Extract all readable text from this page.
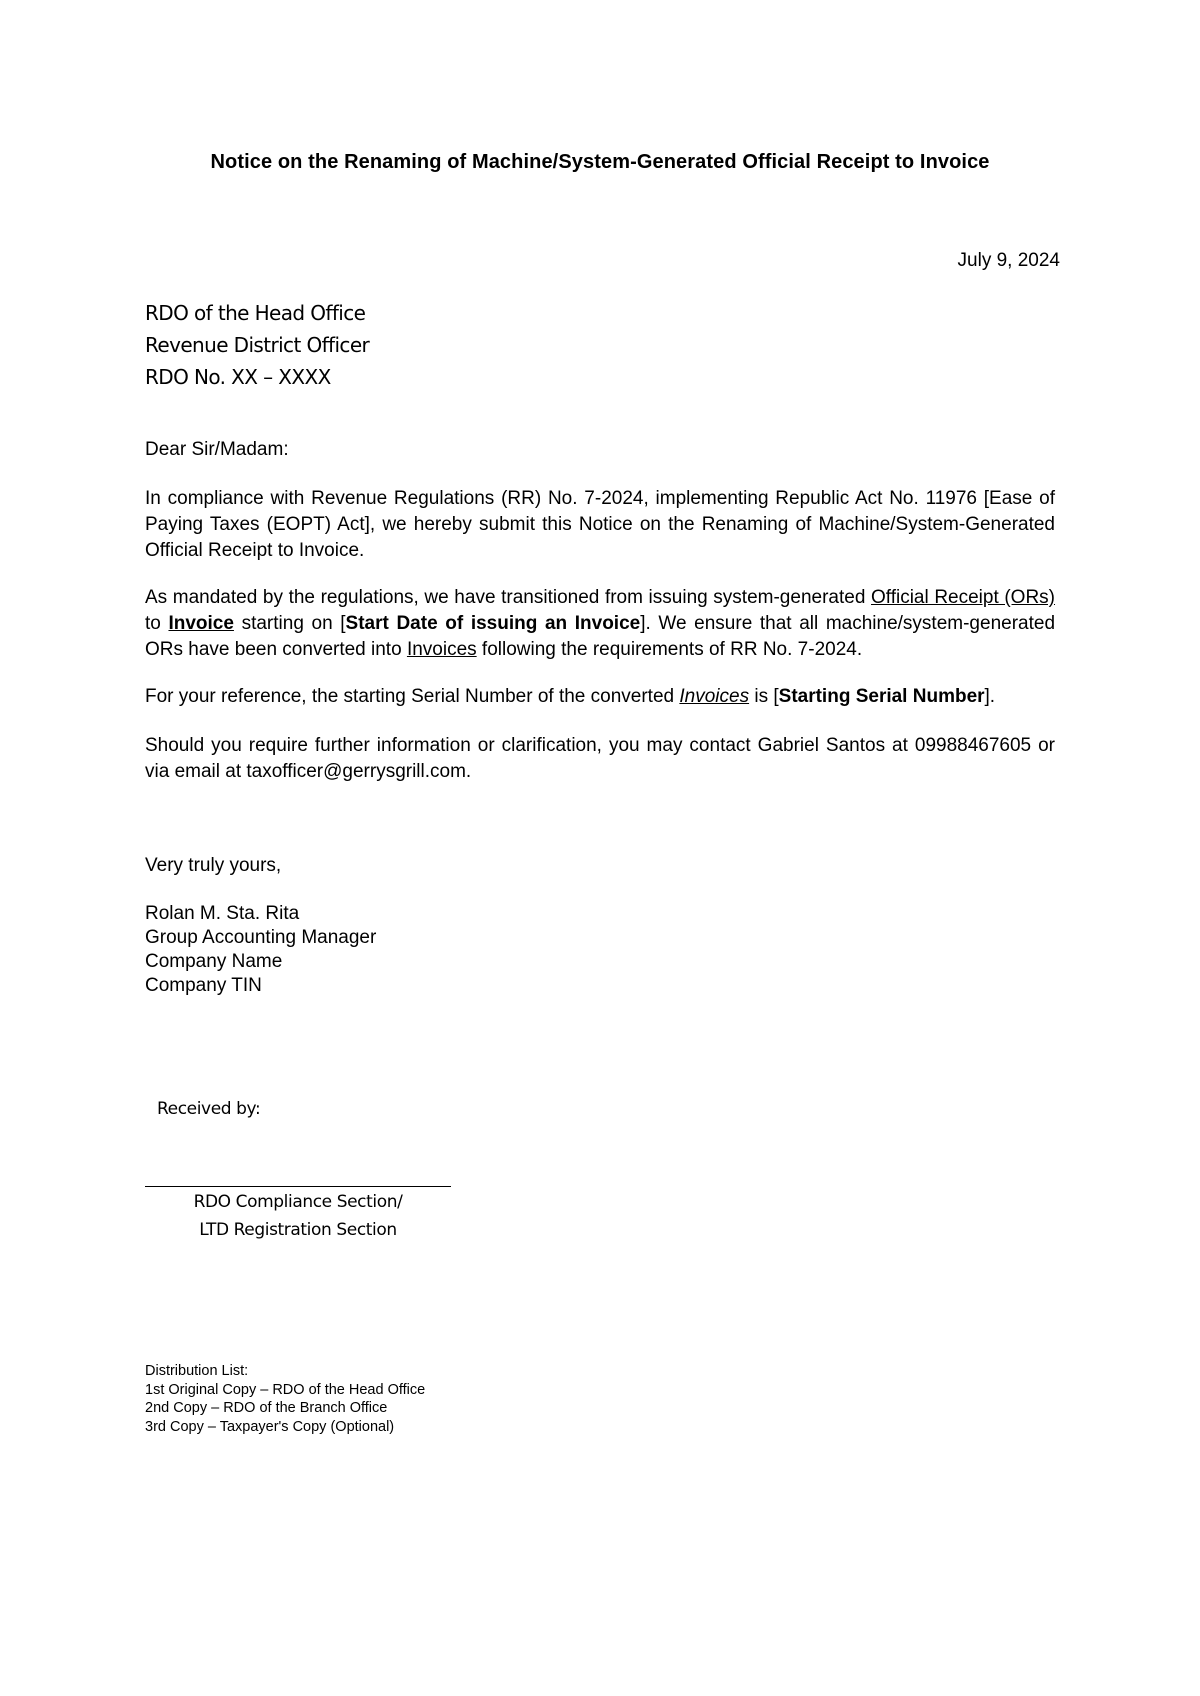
Notice on the Renaming of Machine/System-Generated Official Receipt to Invoice
July 9, 2024
RDO of the Head Office
Revenue District Officer
RDO No. XX – XXXX
Dear Sir/Madam:
In compliance with Revenue Regulations (RR) No. 7-2024, implementing Republic Act No. 11976 [Ease of Paying Taxes (EOPT) Act], we hereby submit this Notice on the Renaming of Machine/System-Generated Official Receipt to Invoice.
As mandated by the regulations, we have transitioned from issuing system-generated Official Receipt (ORs) to Invoice starting on [Start Date of issuing an Invoice]. We ensure that all machine/system-generated ORs have been converted into Invoices following the requirements of RR No. 7-2024.
For your reference, the starting Serial Number of the converted Invoices is [Starting Serial Number].
Should you require further information or clarification, you may contact Gabriel Santos at 09988467605 or via email at taxofficer@gerrysgrill.com.
Very truly yours,
Rolan M. Sta. Rita
Group Accounting Manager
Company Name
Company TIN
Received by:
RDO Compliance Section/
LTD Registration Section
Distribution List:
1st Original Copy – RDO of the Head Office
2nd Copy – RDO of the Branch Office
3rd Copy – Taxpayer's Copy (Optional)
